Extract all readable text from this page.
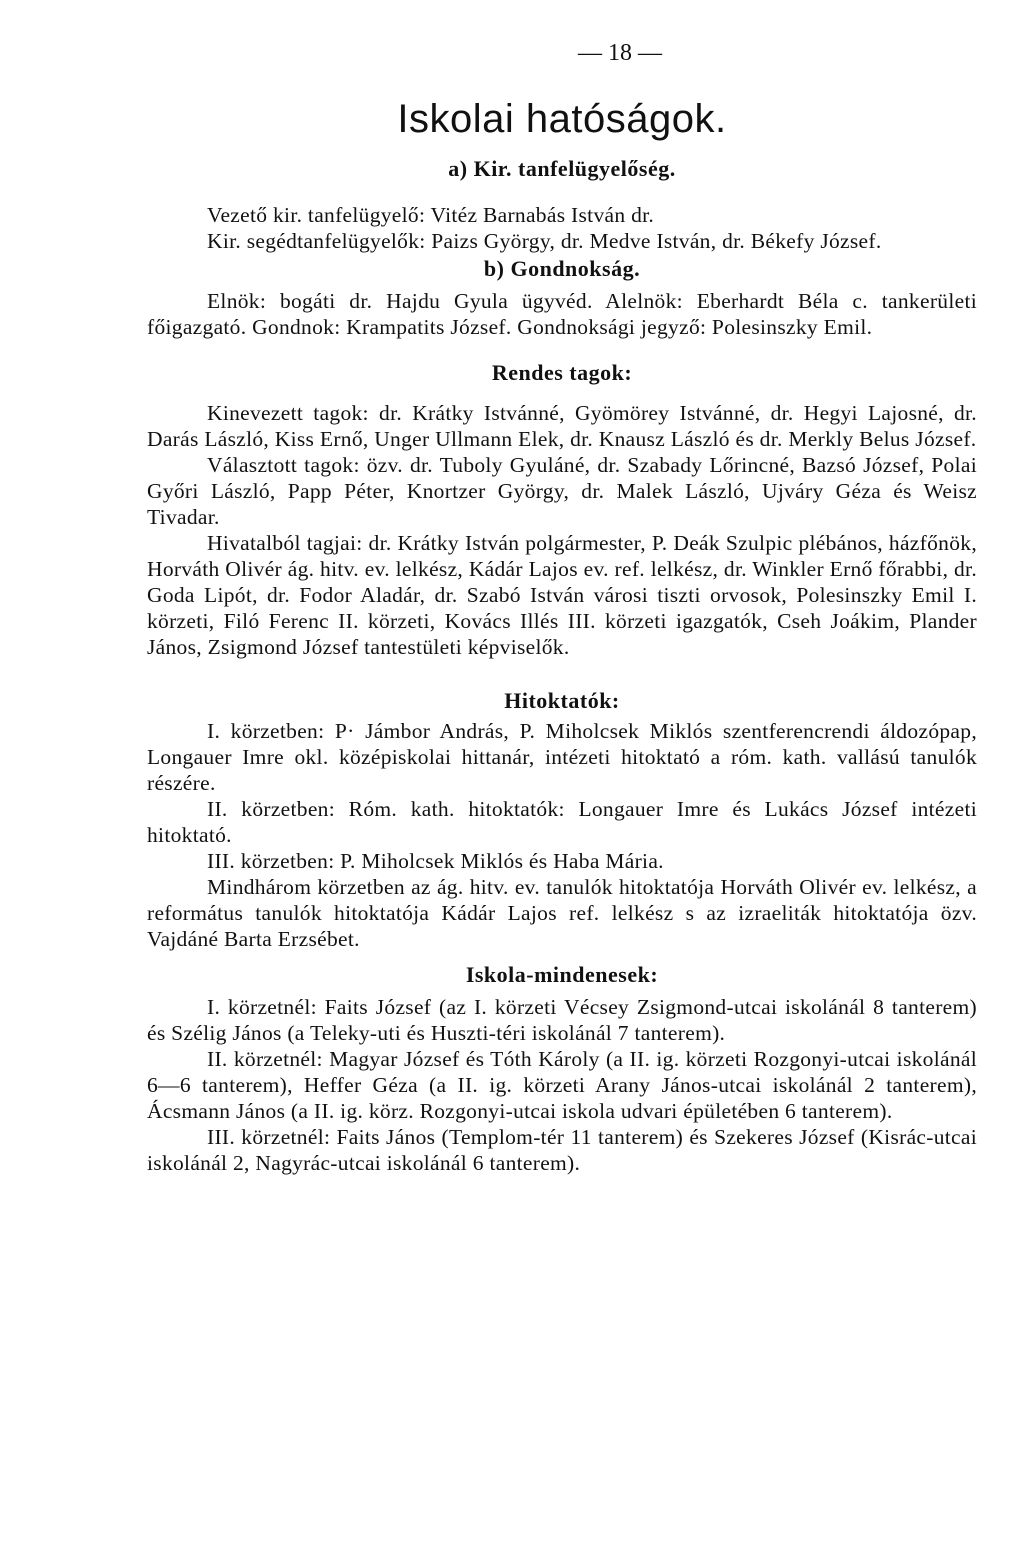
— 18 —
Iskolai hatóságok.
a) Kir. tanfelügyelőség.

Vezető kir. tanfelügyelő: Vitéz Barnabás István dr.

Kir. segédtanfelügyelők: Paizs György, dr. Medve István, dr. Békefy József.

b) Gondnokság.

Elnök: bogáti dr. Hajdu Gyula ügyvéd. Alelnök: Eberhardt Béla c. tankerületi főigazgató. Gondnok: Krampatits József. Gondnoksági jegyző: Polesinszky Emil.

Rendes tagok:

Kinevezett tagok: dr. Krátky Istvánné, Gyömörey Istvánné, dr. Hegyi Lajosné, dr. Darás László, Kiss Ernő, Unger Ullmann Elek, dr. Knausz László és dr. Merkly Belus József.

Választott tagok: özv. dr. Tuboly Gyuláné, dr. Szabady Lőrincné, Bazsó József, Polai Győri László, Papp Péter, Knortzer György, dr. Malek László, Ujváry Géza és Weisz Tivadar.

Hivatalból tagjai: dr. Krátky István polgármester, P. Deák Szulpic plébános, házfőnök, Horváth Olivér ág. hitv. ev. lelkész, Kádár Lajos ev. ref. lelkész, dr. Winkler Ernő főrabbi, dr. Goda Lipót, dr. Fodor Aladár, dr. Szabó István városi tiszti orvosok, Polesinszky Emil I. körzeti, Filó Ferenc II. körzeti, Kovács Illés III. körzeti igazgatók, Cseh Joákim, Plander János, Zsigmond József tantestületi képviselők.

Hitoktatók:

I. körzetben: P· Jámbor András, P. Miholcsek Miklós szentferencrendi áldozópap, Longauer Imre okl. középiskolai hittanár, intézeti hitoktató a róm. kath. vallású tanulók részére.

II. körzetben: Róm. kath. hitoktatók: Longauer Imre és Lukács József intézeti hitoktató.

III. körzetben: P. Miholcsek Miklós és Haba Mária.

Mindhárom körzetben az ág. hitv. ev. tanulók hitoktatója Horváth Olivér ev. lelkész, a református tanulók hitoktatója Kádár Lajos ref. lelkész s az izraeliták hitoktatója özv. Vajdáné Barta Erzsébet.

Iskola-mindenesek:

I. körzetnél: Faits József (az I. körzeti Vécsey Zsigmond-utcai iskolánál 8 tanterem) és Szélig János (a Teleky-uti és Huszti-téri iskolánál 7 tanterem).

II. körzetnél: Magyar József és Tóth Károly (a II. ig. körzeti Rozgonyi-utcai iskolánál 6—6 tanterem), Heffer Géza (a II. ig. körzeti Arany János-utcai iskolánál 2 tanterem), Ácsmann János (a II. ig. körz. Rozgonyi-utcai iskola udvari épületében 6 tanterem).

III. körzetnél: Faits János (Templom-tér 11 tanterem) és Szekeres József (Kisrác-utcai iskolánál 2, Nagyrác-utcai iskolánál 6 tanterem).
